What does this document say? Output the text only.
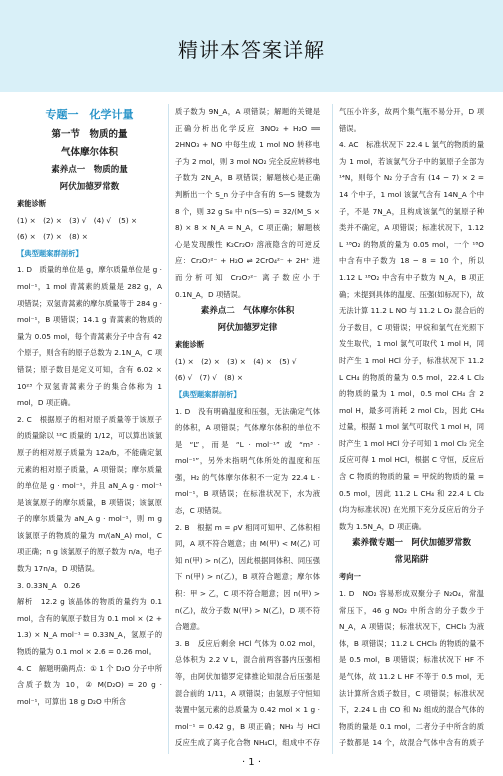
精讲本答案详解
专题一　化学计量
第一节　物质的量
气体摩尔体积
素养点一　物质的量
阿伏加德罗常数

素能诊断

(1) ×　(2) ×　(3) √　(4) √　(5) ×

(6) ×　(7) ×　(8) ×

【典型题案群剖析】

1. D　质量的单位是 g，摩尔质量单位是 g · mol⁻¹，1 mol 青蒿素的质量是 282 g，A 项错误；双氢青蒿素的摩尔质量等于 284 g · mol⁻¹，B 项错误；14.1 g 青蒿素的物质的量为 0.05 mol，每个青蒿素分子中含有 42 个原子，则含有的原子总数为 2.1N_A，C 项错误；原子数目是定义可知，含有 6.02 × 10²³ 个双氢青蒿素分子的集合体称为 1 mol，D 项正确。

2. C　根据原子的相对原子质量等于该原子的质量除以 ¹²C 质量的 1/12，可以算出该氯原子的相对原子质量为 12a/b，不能确定氯元素的相对原子质量，A 项错误；摩尔质量的单位是 g · mol⁻¹，并且 aN_A g · mol⁻¹ 是该氯原子的摩尔质量，B 项错误；该氯原子的摩尔质量为 aN_A g · mol⁻¹，则 m g 该氯原子的物质的量为 m/(aN_A) mol，C 项正确；n g 该氯原子的原子数为 n/a，电子数为 17n/a，D 项错误。

3. 0.33N_A　0.26

解析　12.2 g 该晶体的物质的量约为 0.1 mol，含有的氧原子数目为 0.1 mol × (2 + 1.3) × N_A mol⁻¹ = 0.33N_A，氢原子的物质的量为 0.1 mol × 2.6 = 0.26 mol。

4. C　解题明确两点：① 1 个 D₂O 分子中所含质子数为 10，② M(D₂O) = 20 g · mol⁻¹，可算出 18 g D₂O 中所含

质子数为 9N_A，A 项错误；解题的关键是正确分析出化学反应 3NO₂ + H₂O ══ 2HNO₃ + NO 中每生成 1 mol NO 转移电子为 2 mol，则 3 mol NO₂ 完全反应转移电子数为 2N_A，B 项错误；解题核心是正确判断出一个 S_n 分子中含有的 S—S 键数为 8 个，则 32 g S₈ 中 n(S—S) = 32/(M_S × 8) × 8 × N_A = N_A，C 项正确；解题核心是发现酸性 K₂Cr₂O₇ 溶液隐含的可逆反应：Cr₂O₇²⁻ + H₂O ⇌ 2CrO₄²⁻ + 2H⁺ 进而分析可知 Cr₂O₇²⁻ 离子数应小于 0.1N_A，D 项错误。

素养点二　气体摩尔体积
阿伏加德罗定律

素能诊断

(1) ×　(2) ×　(3) ×　(4) ×　(5) √

(6) √　(7) √　(8) ×

【典型题案群剖析】

1. D　没有明确温度和压强，无法确定气体的体积，A 项错误；气体摩尔体积的单位不是 “L”，而是 “L · mol⁻¹” 或 “m³ · mol⁻¹”，另外未指明气体所处的温度和压强，H₂ 的气体摩尔体积不一定为 22.4 L · mol⁻¹，B 项错误；在标准状况下，水为液态，C 项错误。

2. B　根据 m = ρV 相同可知甲、乙体积相同，A 项不符合题意；由 M(甲) < M(乙) 可知 n(甲) > n(乙)，因此根据同体积、同压强下 n(甲) > n(乙)，B 项符合题意；摩尔体积：甲 > 乙，C 项不符合题意；因 n(甲) > n(乙)，故分子数 N(甲) > N(乙)，D 项不符合题意。

3. B　反应后剩余 HCl 气体为 0.02 mol，总体积为 2.2 V L，混合前两容器内压强相等，由阿伏加德罗定律推论知混合后压强是混合前的 1/11，A 项错误；由氢原子守恒知装置中氢元素的总质量为 0.42 mol × 1 g · mol⁻¹ = 0.42 g，B 项正确；NH₃ 与 HCl 反应生成了离子化合物 NH₄Cl，组成中不存

气压小许多，故两个集气瓶不易分开，D 项错误。

4. AC　标准状况下 22.4 L 氯气的物质的量为 1 mol，若该氯气分子中的氯原子全部为 ¹⁴N，则每个 N₂ 分子含有 (14 − 7) × 2 = 14 个中子，1 mol 该氯气含有 14N_A 个中子，不是 7N_A，且构成该氯气的氯原子种类并不确定，A 项错误；标准状况下，1.12 L ¹⁸O₂ 的物质的量为 0.05 mol，一个 ¹⁸O 中含有中子数为 18 − 8 = 10 个，所以 1.12 L ¹⁸O₂ 中含有中子数为 N_A，B 项正确；未提到具体的温度、压强(如标况下)，故无法计算 11.2 L NO 与 11.2 L O₂ 混合后的分子数目，C 项错误；甲烷和氯气在光照下发生取代，1 mol 氯气可取代 1 mol H，同时产生 1 mol HCl 分子，标准状况下 11.2 L CH₄ 的物质的量为 0.5 mol，22.4 L Cl₂ 的物质的量为 1 mol，0.5 mol CH₄ 含 2 mol H，最多可消耗 2 mol Cl₂，因此 CH₄ 过量，根据 1 mol 氯气可取代 1 mol H，同时产生 1 mol HCl 分子可知 1 mol Cl₂ 完全反应可得 1 mol HCl，根据 C 守恒，反应后含 C 物质的物质的量 = 甲烷的物质的量 = 0.5 mol，因此 11.2 L CH₄ 和 22.4 L Cl₂ (均为标准状况) 在光照下充分反应后的分子数为 1.5N_A，D 项正确。

素养微专题一　阿伏加德罗常数
常见陷阱

考向一

1. D　NO₂ 容易形成双聚分子 N₂O₄，常温常压下，46 g NO₂ 中所含的分子数少于 N_A，A 项错误；标准状况下，CHCl₃ 为液体，B 项错误；11.2 L CHCl₃ 的物质的量不是 0.5 mol，B 项错误；标准状况下 HF 不是气体，故 11.2 L HF 不等于 0.5 mol，无法计算所含质子数目，C 项错误；标准状况下，2.24 L 由 CO 和 N₂ 组成的混合气体的物质的量是 0.1 mol，二者分子中所含的质子数都是 14 个，故混合气体中含有的质子

· 1 ·
